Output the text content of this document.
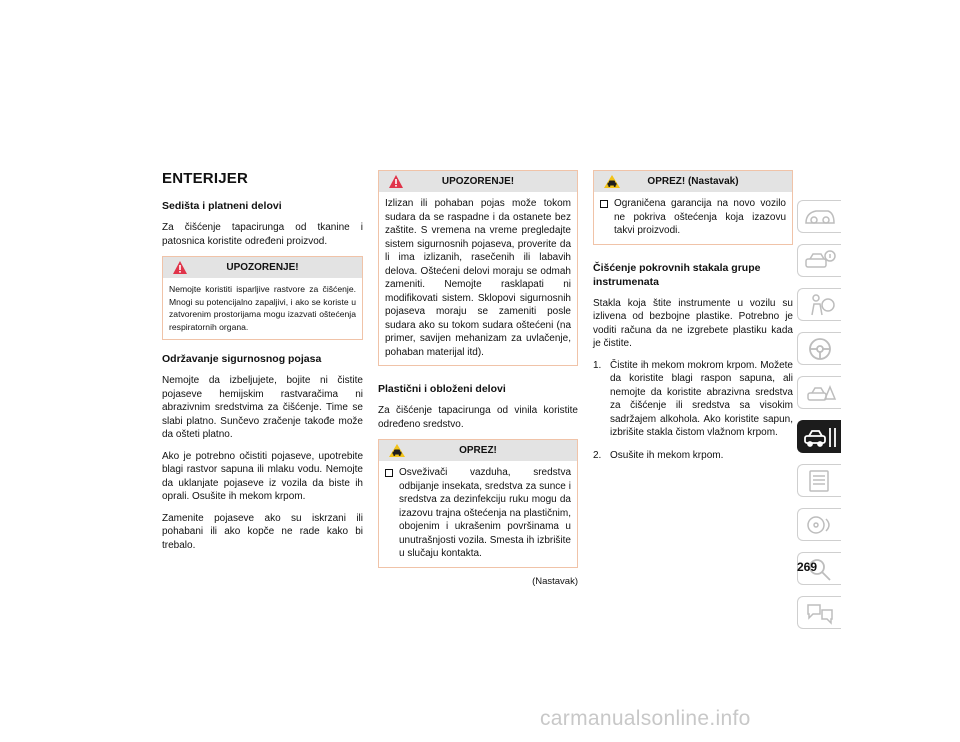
ENTERIJER
Sedišta i platneni delovi

Za čišćenje tapacirunga od tkanine i patosnica koristite određeni proizvod.

UPOZORENJE!
Nemojte koristiti isparljive rastvore za čišćenje. Mnogi su potencijalno zapaljivi, i ako se koriste u zatvorenim prostorijama mogu izazvati oštećenja respiratornih organa.
Održavanje sigurnosnog pojasa

Nemojte da izbeljujete, bojite ni čistite pojaseve hemijskim rastvaračima ni abrazivnim sredstvima za čišćenje. Time se slabi platno. Sunčevo zračenje takođe može da ošteti platno.

Ako je potrebno očistiti pojaseve, upotrebite blagi rastvor sapuna ili mlaku vodu. Nemojte da uklanjate pojaseve iz vozila da biste ih oprali. Osušite ih mekom krpom.

Zamenite pojaseve ako su iskrzani ili pohabani ili ako kopče ne rade kako bi trebalo.

UPOZORENJE!
Izlizan ili pohaban pojas može tokom sudara da se raspadne i da ostanete bez zaštite. S vremena na vreme pregledajte sistem sigurnosnih pojaseva, proverite da li ima izlizanih, rasečenih ili labavih delova. Oštećeni delovi moraju se odmah zameniti. Nemojte rasklapati ni modifikovati sistem. Sklopovi sigurnosnih pojaseva moraju se zameniti posle sudara ako su tokom sudara oštećeni (na primer, savijen mehanizam za uvlačenje, pohaban materijal itd).
Plastični i obloženi delovi

Za čišćenje tapacirunga od vinila koristite određeno sredstvo.

OPREZ!
Osveživači vazduha, sredstva odbijanje insekata, sredstva za sunce i sredstva za dezinfekciju ruku mogu da izazovu trajna oštećenja na plastičnim, obojenim i ukrašenim površinama u unutrašnjosti vozila. Smesta ih izbrišite u slučaju kontakta.
(Nastavak)
OPREZ! (Nastavak)
Ograničena garancija na novo vozilo ne pokriva oštećenja koja izazovu takvi proizvodi.
Čišćenje pokrovnih stakala grupe instrumenata

Stakla koja štite instrumente u vozilu su izlivena od bezbojne plastike. Potrebno je voditi računa da ne izgrebete plastiku kada je čistite.

1. Čistite ih mekom mokrom krpom. Možete da koristite blagi raspon sapuna, ali nemojte da koristite abrazivna sredstva za čišćenje ili sredstva sa visokim sadržajem alkohola. Ako koristite sapun, izbrišite stakla čistom vlažnom krpom.
2. Osušite ih mekom krpom.
269
carmanualsonline.info
